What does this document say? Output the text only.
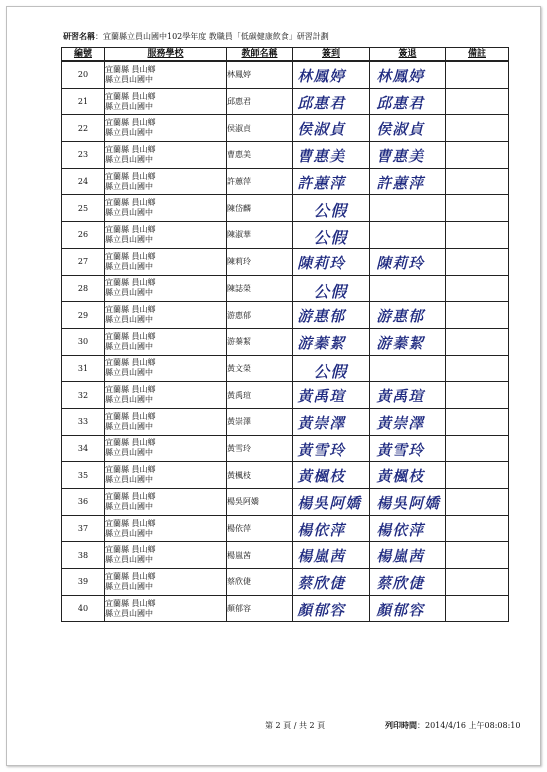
研習名稱：宜蘭縣立員山國中102學年度 教職員「低碳健康飲食」研習計劃
編號	服務學校	教師名稱	簽到	簽退	備註
20	宜蘭縣 員山鄉
縣立員山國中	林鳳婷	林鳳婷	林鳳婷	

21	宜蘭縣 員山鄉
縣立員山國中	邱惠君	邱惠君	邱惠君	

22	宜蘭縣 員山鄉
縣立員山國中	侯淑貞	侯淑貞	侯淑貞	

23	宜蘭縣 員山鄉
縣立員山國中	曹惠美	曹惠美	曹惠美	

24	宜蘭縣 員山鄉
縣立員山國中	許蕙萍	許蕙萍	許蕙萍	

25	宜蘭縣 員山鄉
縣立員山國中	陳岱麟	公假		

26	宜蘭縣 員山鄉
縣立員山國中	陳淑華	公假		

27	宜蘭縣 員山鄉
縣立員山國中	陳莉玲	陳莉玲	陳莉玲	

28	宜蘭縣 員山鄉
縣立員山國中	陳誌榮	公假		

29	宜蘭縣 員山鄉
縣立員山國中	游惠郁	游惠郁	游惠郁	

30	宜蘭縣 員山鄉
縣立員山國中	游蓁絜	游蓁絜	游蓁絜	

31	宜蘭縣 員山鄉
縣立員山國中	黃文榮	公假		

32	宜蘭縣 員山鄉
縣立員山國中	黃禹瑄	黃禹瑄	黃禹瑄	

33	宜蘭縣 員山鄉
縣立員山國中	黃崇澤	黃崇澤	黃崇澤	

34	宜蘭縣 員山鄉
縣立員山國中	黃雪玲	黃雪玲	黃雪玲	

35	宜蘭縣 員山鄉
縣立員山國中	黃楓枝	黃楓枝	黃楓枝	

36	宜蘭縣 員山鄉
縣立員山國中	楊吳阿嬌	楊吳阿嬌	楊吳阿嬌	

37	宜蘭縣 員山鄉
縣立員山國中	楊依萍	楊依萍	楊依萍	

38	宜蘭縣 員山鄉
縣立員山國中	楊嵐茜	楊嵐茜	楊嵐茜	

39	宜蘭縣 員山鄉
縣立員山國中	蔡欣倢	蔡欣倢	蔡欣倢	

40	宜蘭縣 員山鄉
縣立員山國中	顏郁容	顏郁容	顏郁容	

第 2 頁 / 共 2 頁	列印時間：2014/4/16 上午08:08:10
